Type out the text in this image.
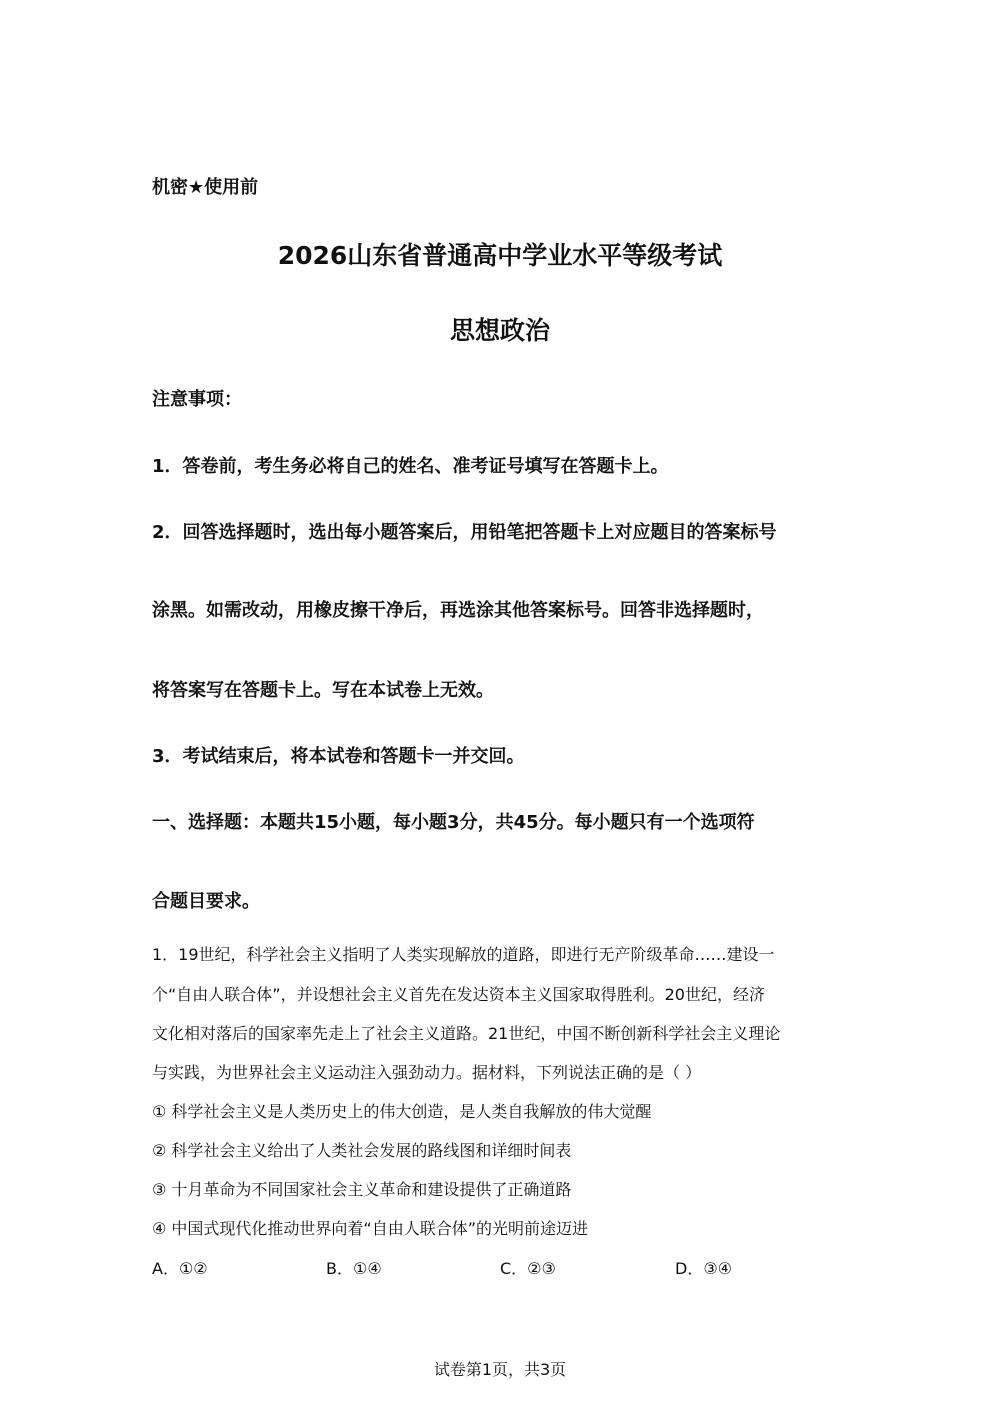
机密★使用前
2026山东省普通高中学业水平等级考试
思想政治
注意事项：
1．答卷前，考生务必将自己的姓名、准考证号填写在答题卡上。
2．回答选择题时，选出每小题答案后，用铅笔把答题卡上对应题目的答案标号
涂黑。如需改动，用橡皮擦干净后，再选涂其他答案标号。回答非选择题时，
将答案写在答题卡上。写在本试卷上无效。
3．考试结束后，将本试卷和答题卡一并交回。
一、选择题：本题共15小题，每小题3分，共45分。每小题只有一个选项符
合题目要求。
1．19世纪，科学社会主义指明了人类实现解放的道路，即进行无产阶级革命……建设一
个“自由人联合体”，并设想社会主义首先在发达资本主义国家取得胜利。20世纪，经济
文化相对落后的国家率先走上了社会主义道路。21世纪，中国不断创新科学社会主义理论
与实践，为世界社会主义运动注入强劲动力。据材料，下列说法正确的是（ ）
① 科学社会主义是人类历史上的伟大创造，是人类自我解放的伟大觉醒
② 科学社会主义给出了人类社会发展的路线图和详细时间表
③ 十月革命为不同国家社会主义革命和建设提供了正确道路
④ 中国式现代化推动世界向着“自由人联合体”的光明前途迈进
A．①②	B．①④	C．②③	D．③④
试卷第1页，共3页
